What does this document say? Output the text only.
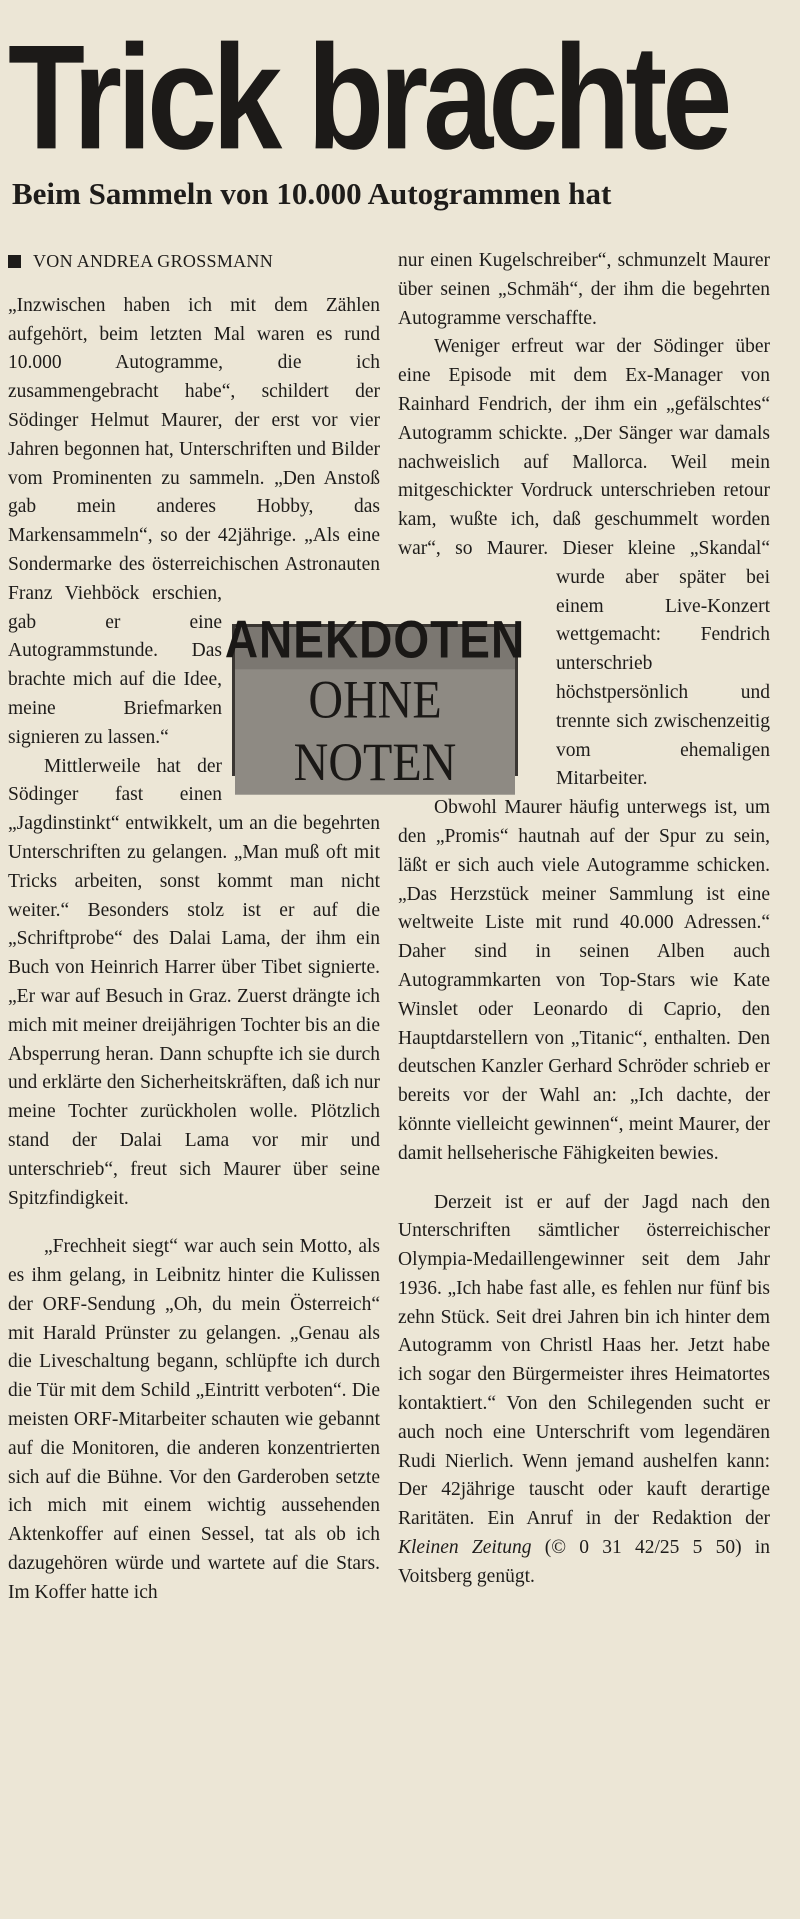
Trick brachte
Beim Sammeln von 10.000 Autogrammen hat

VON ANDREA GROSSMANN

„Inzwischen haben ich mit dem Zählen aufgehört, beim letzten Mal waren es rund 10.000 Autogramme, die ich zusammengebracht habe“, schildert der Södinger Helmut Maurer, der erst vor vier Jahren begonnen hat, Unterschriften und Bilder vom Prominenten zu sammeln. „Den Anstoß gab mein anderes Hobby, das Markensammeln“, so der 42jährige. „Als eine Sondermarke des österreichischen Astronauten Franz Viehböck erschien,
ANEKDOTEN
OHNE NOTEN
gab er eine Autogrammstunde. Das brachte mich auf die Idee, meine Briefmarken signieren zu lassen.“

Mittlerweile hat der Södinger fast einen „Jagdinstinkt“ entwikkelt, um an die begehrten Unterschriften zu gelangen. „Man muß oft mit Tricks arbeiten, sonst kommt man nicht weiter.“ Besonders stolz ist er auf die „Schriftprobe“ des Dalai Lama, der ihm ein Buch von Heinrich Harrer über Tibet signierte. „Er war auf Besuch in Graz. Zuerst drängte ich mich mit meiner dreijährigen Tochter bis an die Absperrung heran. Dann schupfte ich sie durch und erklärte den Sicherheitskräften, daß ich nur meine Tochter zurückholen wolle. Plötzlich stand der Dalai Lama vor mir und unterschrieb“, freut sich Maurer über seine Spitzfindigkeit.

„Frechheit siegt“ war auch sein Motto, als es ihm gelang, in Leibnitz hinter die Kulissen der ORF-Sendung „Oh, du mein Österreich“ mit Harald Prünster zu gelangen. „Genau als die Liveschaltung begann, schlüpfte ich durch die Tür mit dem Schild „Eintritt verboten“. Die meisten ORF-Mitarbeiter schauten wie gebannt auf die Monitoren, die anderen konzentrierten sich auf die Bühne. Vor den Garderoben setzte ich mich mit einem wichtig aussehenden Aktenkoffer auf einen Sessel, tat als ob ich dazugehören würde und wartete auf die Stars. Im Koffer hatte ich

nur einen Kugelschreiber“, schmunzelt Maurer über seinen „Schmäh“, der ihm die begehrten Autogramme verschaffte.

Weniger erfreut war der Södinger über eine Episode mit dem Ex-Manager von Rainhard Fendrich, der ihm ein „gefälschtes“ Autogramm schickte. „Der Sänger war damals nachweislich auf Mallorca. Weil mein mitgeschickter Vordruck unterschrieben retour kam, wußte ich, daß geschummelt worden war“, so Maurer. Dieser kleine „Skandal“ wurde aber später bei einem Live-Konzert wettgemacht: Fendrich unterschrieb höchstpersönlich und trennte sich zwischenzeitig vom ehemaligen Mitarbeiter.

Obwohl Maurer häufig unterwegs ist, um den „Promis“ hautnah auf der Spur zu sein, läßt er sich auch viele Autogramme schicken. „Das Herzstück meiner Sammlung ist eine weltweite Liste mit rund 40.000 Adressen.“ Daher sind in seinen Alben auch Autogrammkarten von Top-Stars wie Kate Winslet oder Leonardo di Caprio, den Hauptdarstellern von „Titanic“, enthalten. Den deutschen Kanzler Gerhard Schröder schrieb er bereits vor der Wahl an: „Ich dachte, der könnte vielleicht gewinnen“, meint Maurer, der damit hellseherische Fähigkeiten bewies.

Derzeit ist er auf der Jagd nach den Unterschriften sämtlicher österreichischer Olympia-Medaillengewinner seit dem Jahr 1936. „Ich habe fast alle, es fehlen nur fünf bis zehn Stück. Seit drei Jahren bin ich hinter dem Autogramm von Christl Haas her. Jetzt habe ich sogar den Bürgermeister ihres Heimatortes kontaktiert.“ Von den Schilegenden sucht er auch noch eine Unterschrift vom legendären Rudi Nierlich. Wenn jemand aushelfen kann: Der 42jährige tauscht oder kauft derartige Raritäten. Ein Anruf in der Redaktion der Kleinen Zeitung (© 0 31 42/25 5 50) in Voitsberg genügt.
